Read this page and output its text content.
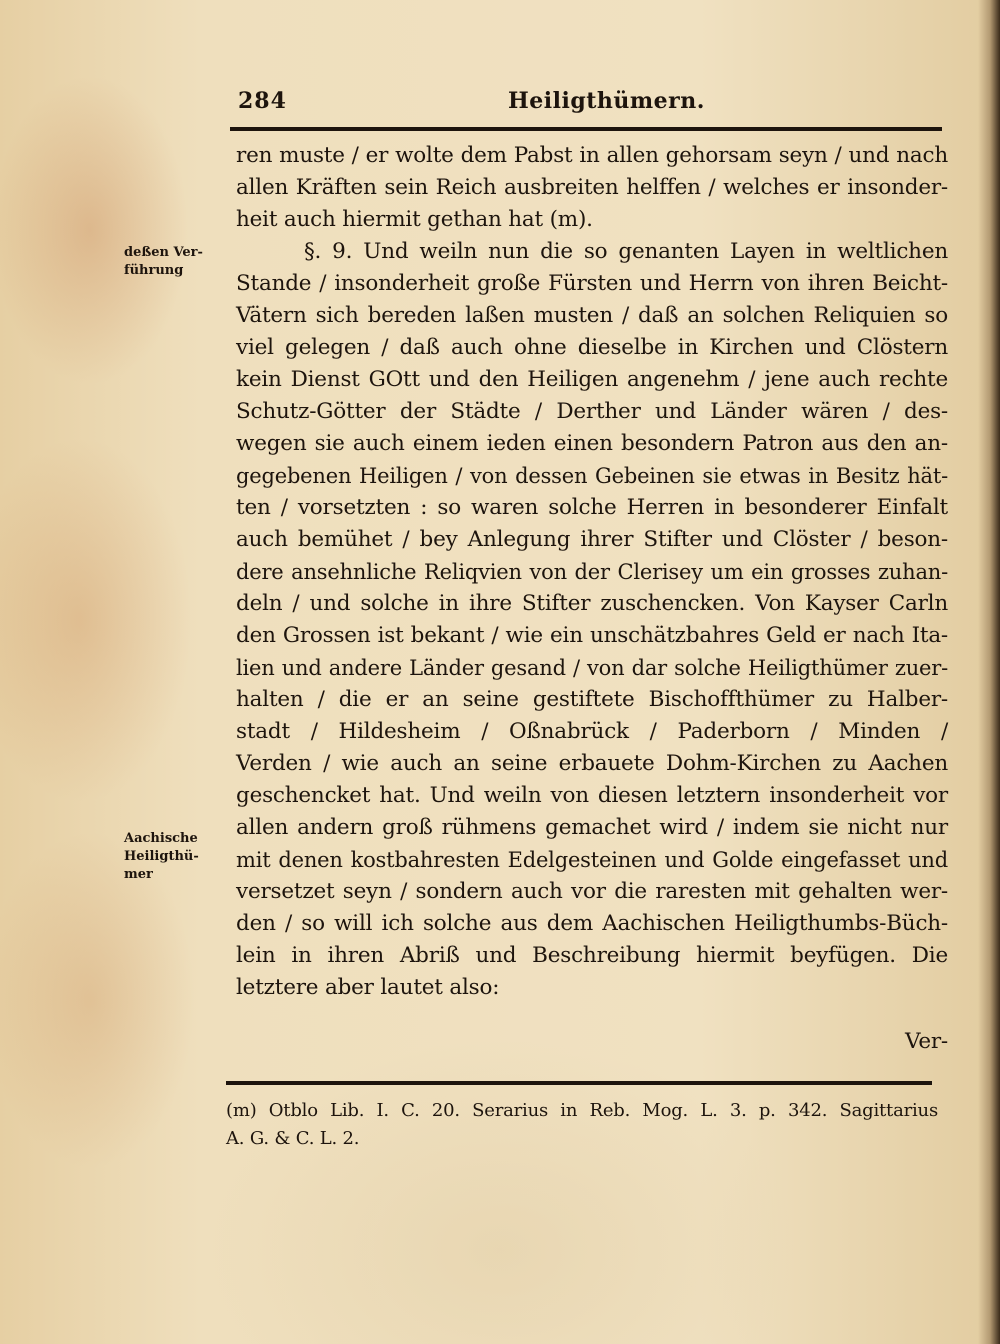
284	Heiligthümern.
deßen Ver-
führung
Aachische
Heiligthü-
mer
ren muste / er wolte dem Pabst in allen gehorsam seyn / und nach
allen Kräften sein Reich ausbreiten helffen / welches er insonder-
heit auch hiermit gethan hat (m).
§. 9. Und weiln nun die so genanten Layen in weltlichen
Stande / insonderheit große Fürsten und Herrn von ihren Beicht-
Vätern sich bereden laßen musten / daß an solchen Reliquien so
viel gelegen / daß auch ohne dieselbe in Kirchen und Clöstern
kein Dienst GOtt und den Heiligen angenehm / jene auch rechte
Schutz-Götter der Städte / Derther und Länder wären / des-
wegen sie auch einem ieden einen besondern Patron aus den an-
gegebenen Heiligen / von dessen Gebeinen sie etwas in Besitz hät-
ten / vorsetzten : so waren solche Herren in besonderer Einfalt
auch bemühet / bey Anlegung ihrer Stifter und Clöster / beson-
dere ansehnliche Reliqvien von der Clerisey um ein grosses zuhan-
deln / und solche in ihre Stifter zuschencken. Von Kayser Carln
den Grossen ist bekant / wie ein unschätzbahres Geld er nach Ita-
lien und andere Länder gesand / von dar solche Heiligthümer zuer-
halten / die er an seine gestiftete Bischoffthümer zu Halber-
stadt / Hildesheim / Oßnabrück / Paderborn / Minden /
Verden / wie auch an seine erbauete Dohm-Kirchen zu Aachen
geschencket hat. Und weiln von diesen letztern insonderheit vor
allen andern groß rühmens gemachet wird / indem sie nicht nur
mit denen kostbahresten Edelgesteinen und Golde eingefasset und
versetzet seyn / sondern auch vor die raresten mit gehalten wer-
den / so will ich solche aus dem Aachischen Heiligthumbs-Büch-
lein in ihren Abriß und Beschreibung hiermit beyfügen. Die
letztere aber lautet also:
Ver-
(m) Otblo Lib. I. C. 20. Serarius in Reb. Mog. L. 3. p. 342. Sagittarius
A. G. & C. L. 2.
